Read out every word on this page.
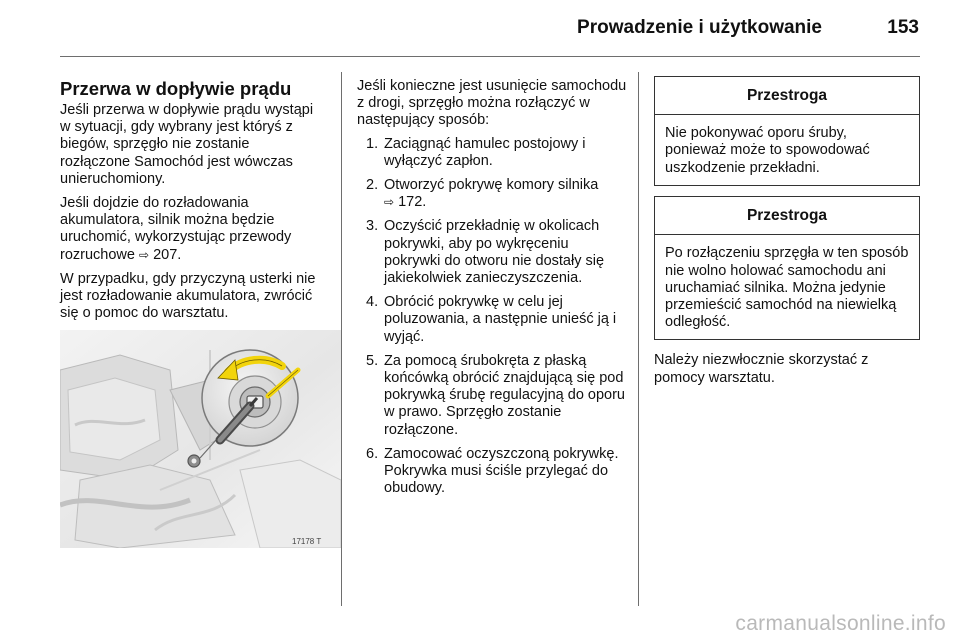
Prowadzenie i użytkowanie	153
Przerwa w dopływie prądu

Jeśli przerwa w dopływie prądu wystąpi w sytuacji, gdy wybrany jest któryś z biegów, sprzęgło nie zostanie rozłączone Samochód jest wówczas unieruchomiony.

Jeśli dojdzie do rozładowania akumulatora, silnik można będzie uruchomić, wykorzystując przewody rozruchowe ⇨ 207.

W przypadku, gdy przyczyną usterki nie jest rozładowanie akumulatora, zwrócić się o pomoc do warsztatu.

17178 T

Jeśli konieczne jest usunięcie samochodu z drogi, sprzęgło można rozłączyć w następujący sposób:

1. Zaciągnąć hamulec postojowy i wyłączyć zapłon.
2. Otworzyć pokrywę komory silnika
⇨ 172.
3. Oczyścić przekładnię w okolicach pokrywki, aby po wykręceniu pokrywki do otworu nie dostały się jakiekolwiek zanieczyszczenia.
4. Obrócić pokrywkę w celu jej poluzowania, a następnie unieść ją i wyjąć.
5. Za pomocą śrubokręta z płaską końcówką obrócić znajdującą się pod pokrywką śrubę regulacyjną do oporu w prawo. Sprzęgło zostanie rozłączone.
6. Zamocować oczyszczoną pokrywkę. Pokrywka musi ściśle przylegać do obudowy.
Przestroga
Nie pokonywać oporu śruby, ponieważ może to spowodować uszkodzenie przekładni.
Przestroga
Po rozłączeniu sprzęgła w ten sposób nie wolno holować samochodu ani uruchamiać silnika. Można jedynie przemieścić samochód na niewielką odległość.

Należy niezwłocznie skorzystać z pomocy warsztatu.

carmanualsonline.info
